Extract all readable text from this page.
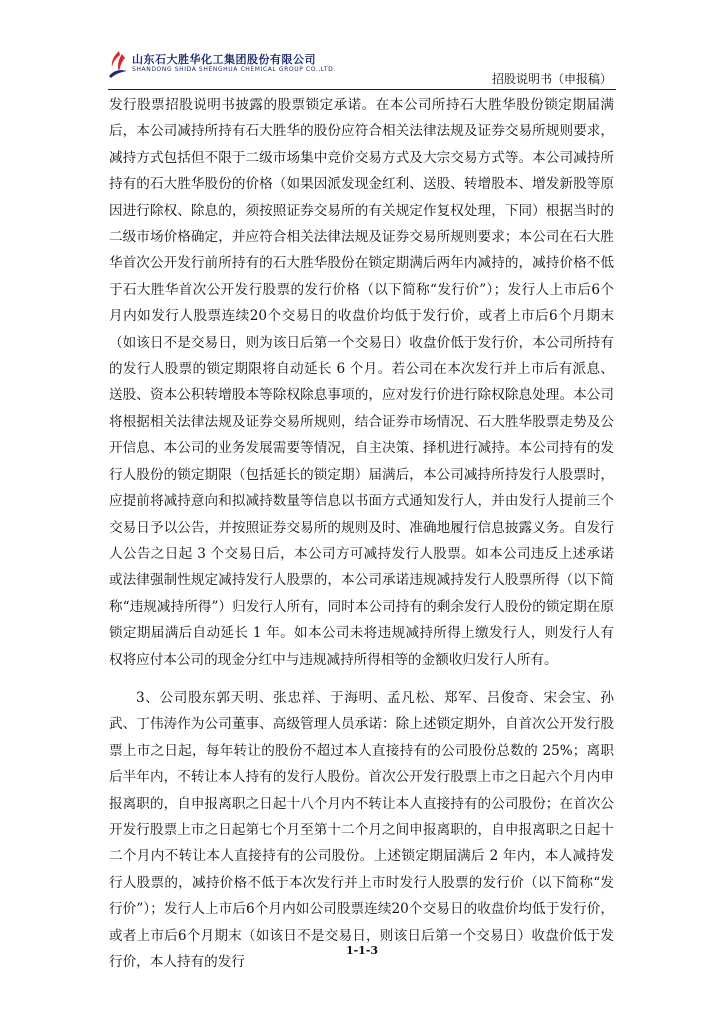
山东石大胜华化工集团股份有限公司
SHANDONG SHIDA SHENGHUA CHEMICAL GROUP CO.,LTD.
招股说明书（申报稿）

发行股票招股说明书披露的股票锁定承诺。在本公司所持石大胜华股份锁定期届满后，本公司减持所持有石大胜华的股份应符合相关法律法规及证券交易所规则要求，减持方式包括但不限于二级市场集中竞价交易方式及大宗交易方式等。本公司减持所持有的石大胜华股份的价格（如果因派发现金红利、送股、转增股本、增发新股等原因进行除权、除息的，须按照证券交易所的有关规定作复权处理，下同）根据当时的二级市场价格确定，并应符合相关法律法规及证券交易所规则要求；本公司在石大胜华首次公开发行前所持有的石大胜华股份在锁定期满后两年内减持的，减持价格不低于石大胜华首次公开发行股票的发行价格（以下简称“发行价”）；发行人上市后6个月内如发行人股票连续20个交易日的收盘价均低于发行价，或者上市后6个月期末（如该日不是交易日，则为该日后第一个交易日）收盘价低于发行价，本公司所持有的发行人股票的锁定期限将自动延长 6 个月。若公司在本次发行并上市后有派息、送股、资本公积转增股本等除权除息事项的，应对发行价进行除权除息处理。本公司将根据相关法律法规及证券交易所规则，结合证券市场情况、石大胜华股票走势及公开信息、本公司的业务发展需要等情况，自主决策、择机进行减持。本公司持有的发行人股份的锁定期限（包括延长的锁定期）届满后，本公司减持所持发行人股票时，应提前将减持意向和拟减持数量等信息以书面方式通知发行人，并由发行人提前三个交易日予以公告，并按照证券交易所的规则及时、准确地履行信息披露义务。自发行人公告之日起 3 个交易日后，本公司方可减持发行人股票。如本公司违反上述承诺或法律强制性规定减持发行人股票的，本公司承诺违规减持发行人股票所得（以下简称“违规减持所得”）归发行人所有，同时本公司持有的剩余发行人股份的锁定期在原锁定期届满后自动延长 1 年。如本公司未将违规减持所得上缴发行人，则发行人有权将应付本公司的现金分红中与违规减持所得相等的金额收归发行人所有。

3、公司股东郭天明、张忠祥、于海明、孟凡松、郑军、吕俊奇、宋会宝、孙武、丁伟涛作为公司董事、高级管理人员承诺：除上述锁定期外，自首次公开发行股票上市之日起，每年转让的股份不超过本人直接持有的公司股份总数的 25%；离职后半年内，不转让本人持有的发行人股份。首次公开发行股票上市之日起六个月内申报离职的，自申报离职之日起十八个月内不转让本人直接持有的公司股份；在首次公开发行股票上市之日起第七个月至第十二个月之间申报离职的，自申报离职之日起十二个月内不转让本人直接持有的公司股份。上述锁定期届满后 2 年内，本人减持发行人股票的，减持价格不低于本次发行并上市时发行人股票的发行价（以下简称“发行价”）；发行人上市后6个月内如公司股票连续20个交易日的收盘价均低于发行价，或者上市后6个月期末（如该日不是交易日，则该日后第一个交易日）收盘价低于发行价，本人持有的发行

1-1-3
